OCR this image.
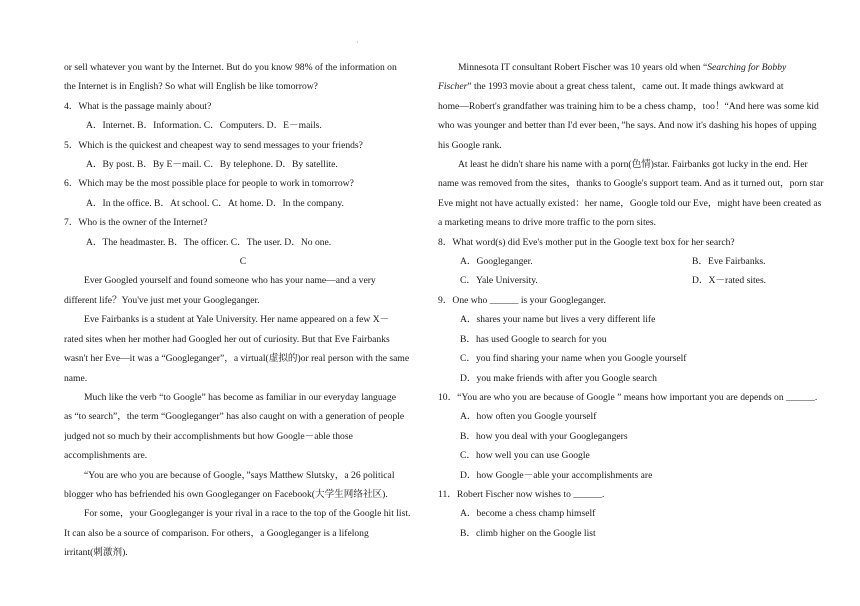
·
or sell whatever you want by the Internet. But do you know 98% of the information on
the Internet is in English? So what will English be like tomorrow?
4．What is the passage mainly about?
A．Internet. B．Information. C．Computers. D．E－mails.
5．Which is the quickest and cheapest way to send messages to your friends?
A．By post. B．By E－mail. C．By telephone. D．By satellite.
6．Which may be the most possible place for people to work in tomorrow?
A．In the office. B．At school. C．At home. D．In the company.
7．Who is the owner of the Internet?
A．The headmaster. B．The officer. C．The user. D．No one.
C
Ever Googled yourself and found someone who has your name—and a very
different life？You've just met your Googleganger.
Eve Fairbanks is a student at Yale University. Her name appeared on a few X－
rated sites when her mother had Googled her out of curiosity. But that Eve Fairbanks
wasn't her Eve—it was a “Googleganger”，a virtual(虚拟的)or real person with the same
name.
Much like the verb “to Google” has become as familiar in our everyday language
as “to search”，the term “Googleganger” has also caught on with a generation of people
judged not so much by their accomplishments but how Google－able those
accomplishments are.
“You are who you are because of Google，”says Matthew Slutsky，a 26 political
blogger who has befriended his own Googleganger on Facebook(大学生网络社区).
For some，your Googleganger is your rival in a race to the top of the Google hit list.
It can also be a source of comparison. For others，a Googleganger is a lifelong
irritant(刺激剂).
Minnesota IT consultant Robert Fischer was 10 years old when “Searching for Bobby
Fischer” the 1993 movie about a great chess talent，came out. It made things awkward at
home—Robert's grandfather was training him to be a chess champ，too！“And here was some kid
who was younger and better than I'd ever been，”he says. And now it's dashing his hopes of upping
his Google rank.
At least he didn't share his name with a porn(色情)star. Fairbanks got lucky in the end. Her
name was removed from the sites，thanks to Google's support team. And as it turned out，porn star
Eve might not have actually existed：her name，Google told our Eve，might have been created as
a marketing means to drive more traffic to the porn sites.
8．What word(s) did Eve's mother put in the Google text box for her search?
A．Googleganger.	B．Eve Fairbanks.
C．Yale University.	D．X－rated sites.
9．One who ______ is your Googleganger.
A．shares your name but lives a very different life
B．has used Google to search for you
C．you find sharing your name when you Google yourself
D．you make friends with after you Google search
10．“You are who you are because of Google ” means how important you are depends on ______.
A．how often you Google yourself
B．how you deal with your Googlegangers
C．how well you can use Google
D．how Google－able your accomplishments are
11．Robert Fischer now wishes to ______.
A．become a chess champ himself
B．climb higher on the Google list
